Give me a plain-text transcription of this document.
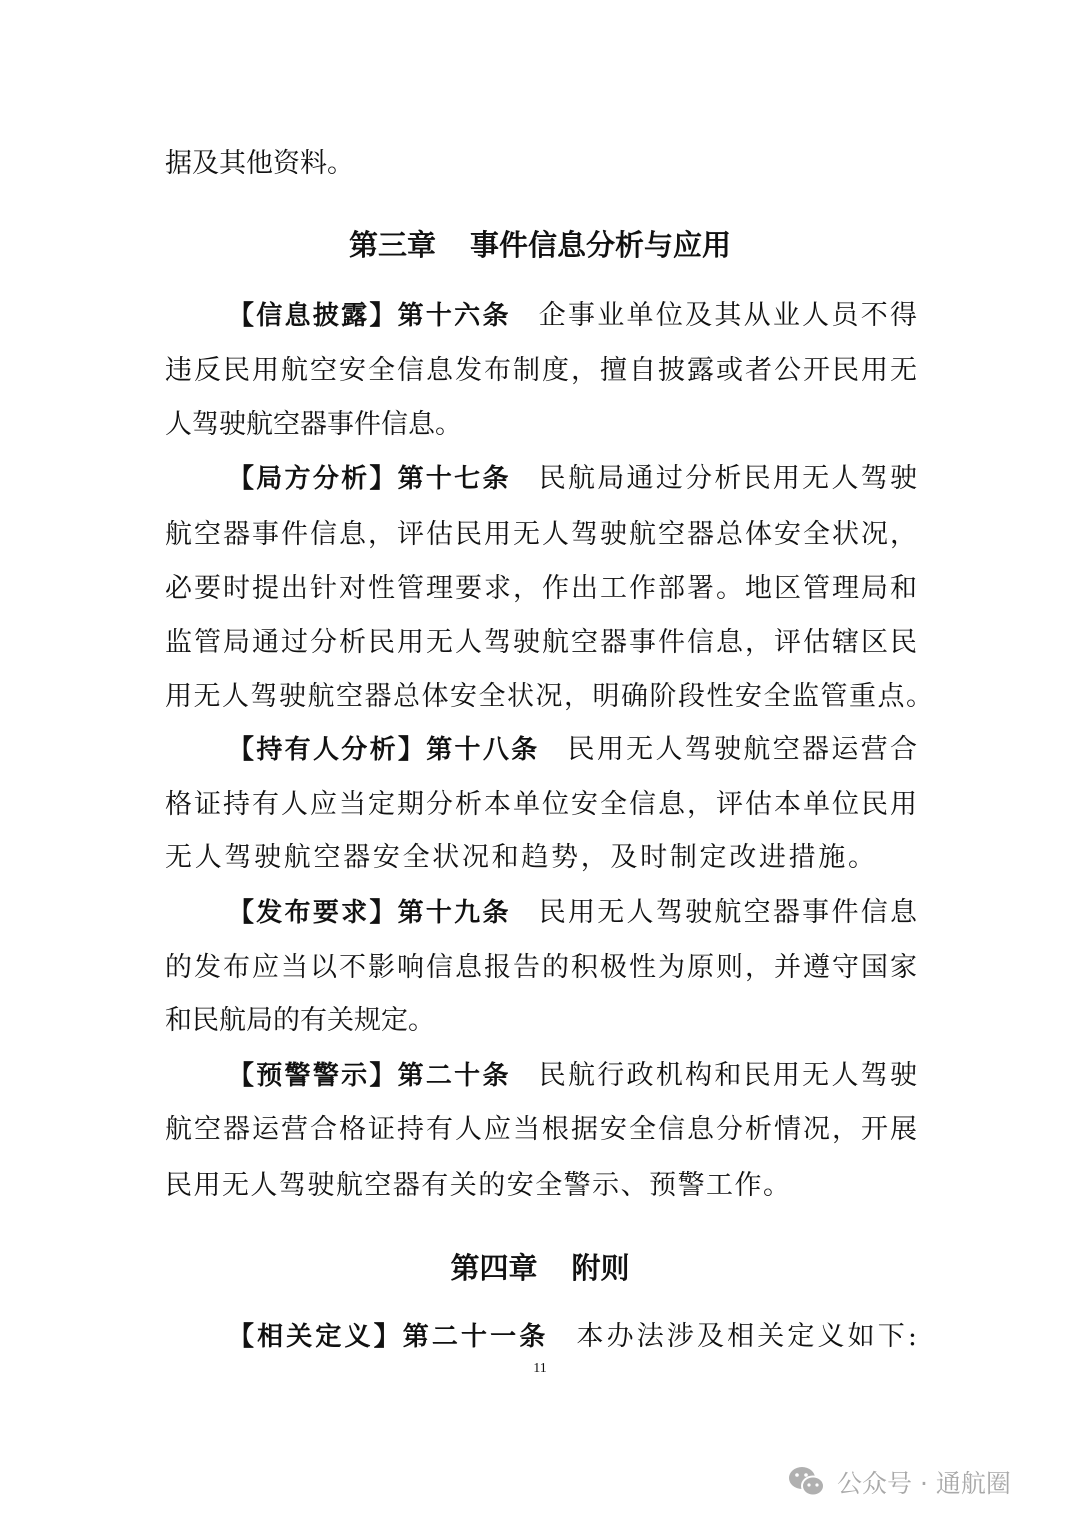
据及其他资料。
第三章 事件信息分析与应用
【信息披露】第十六条 企事业单位及其从业人员不得
违反民用航空安全信息发布制度，擅自披露或者公开民用无
人驾驶航空器事件信息。
【局方分析】第十七条 民航局通过分析民用无人驾驶
航空器事件信息，评估民用无人驾驶航空器总体安全状况，
必要时提出针对性管理要求，作出工作部署。地区管理局和
监管局通过分析民用无人驾驶航空器事件信息，评估辖区民
用无人驾驶航空器总体安全状况，明确阶段性安全监管重点。
【持有人分析】第十八条 民用无人驾驶航空器运营合
格证持有人应当定期分析本单位安全信息，评估本单位民用
无人驾驶航空器安全状况和趋势，及时制定改进措施。
【发布要求】第十九条 民用无人驾驶航空器事件信息
的发布应当以不影响信息报告的积极性为原则，并遵守国家
和民航局的有关规定。
【预警警示】第二十条 民航行政机构和民用无人驾驶
航空器运营合格证持有人应当根据安全信息分析情况，开展
民用无人驾驶航空器有关的安全警示、预警工作。
第四章 附则
【相关定义】第二十一条 本办法涉及相关定义如下:
11
公众号 · 通航圈
